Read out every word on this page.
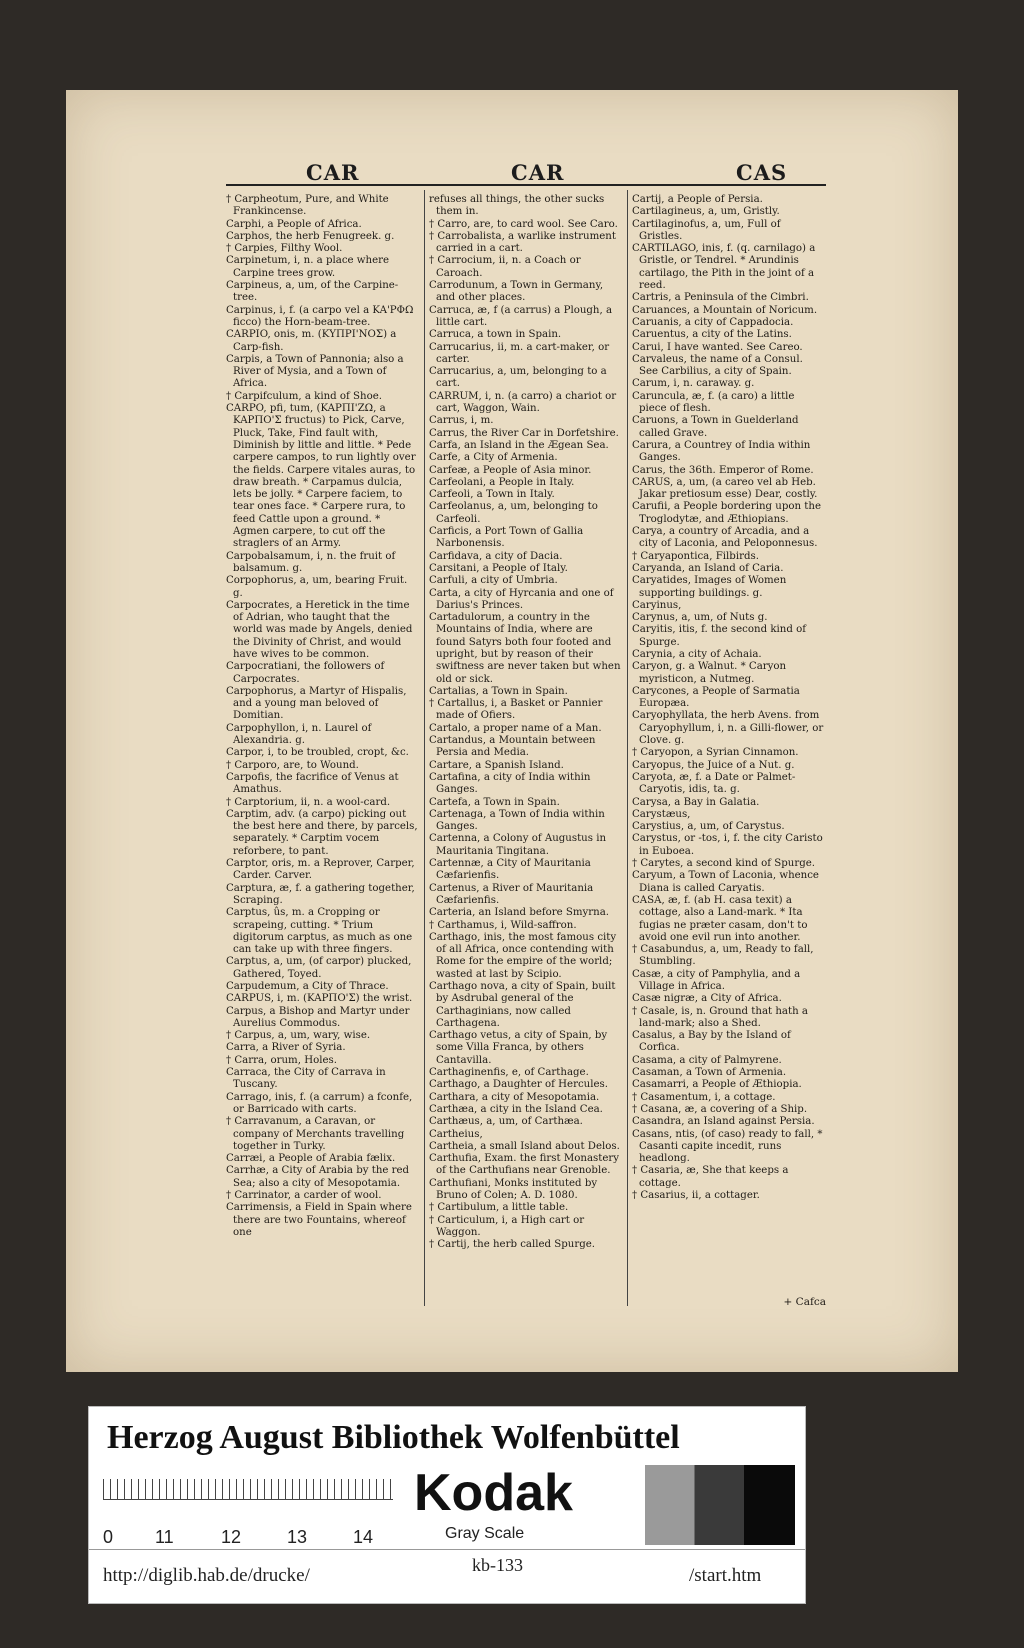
CAR	CAR	CAS

† Carpheotum, Pure, and White Frankincense.

Carphi, a People of Africa.

Carphos, the herb Fenugreek. g.

† Carpies, Filthy Wool.

Carpinetum, i, n. a place where Carpine trees grow.

Carpineus, a, um, of the Carpine-tree.

Carpinus, i, f. (a carpo vel a KA'PΦΩ ficco) the Horn-beam-tree.

CARPIO, onis, m. (KΥΠΡΙ'ΝΟΣ) a Carp-fish.

Carpis, a Town of Pannonia; also a River of Mysia, and a Town of Africa.

† Carpifculum, a kind of Shoe.

CARPO, pfi, tum, (KAPΠΙ'ΖΩ, a KAPΠΟ'Σ fructus) to Pick, Carve, Pluck, Take, Find fault with, Diminish by little and little. * Pede carpere campos, to run lightly over the fields. Carpere vitales auras, to draw breath. * Carpamus dulcia, lets be jolly. * Carpere faciem, to tear ones face. * Carpere rura, to feed Cattle upon a ground. * Agmen carpere, to cut off the straglers of an Army.

Carpobalsamum, i, n. the fruit of balsamum. g.

Corpophorus, a, um, bearing Fruit. g.

Carpocrates, a Heretick in the time of Adrian, who taught that the world was made by Angels, denied the Divinity of Christ, and would have wives to be common.

Carpocratiani, the followers of Carpocrates.

Carpophorus, a Martyr of Hispalis, and a young man beloved of Domitian.

Carpophyllon, i, n. Laurel of Alexandria. g.

Carpor, i, to be troubled, cropt, &c.

† Carporo, are, to Wound.

Carpofis, the facrifice of Venus at Amathus.

† Carptorium, ii, n. a wool-card.

Carptim, adv. (a carpo) picking out the best here and there, by parcels, separately. * Carptim vocem reforbere, to pant.

Carptor, oris, m. a Reprover, Carper, Carder. Carver.

Carptura, æ, f. a gathering together, Scraping.

Carptus, ûs, m. a Cropping or scrapeing, cutting. * Trium digitorum carptus, as much as one can take up with three fingers.

Carptus, a, um, (of carpor) plucked, Gathered, Toyed.

Carpudemum, a City of Thrace.

CARPUS, i, m. (KAPΠΟ'Σ) the wrist.

Carpus, a Bishop and Martyr under Aurelius Commodus.

† Carpus, a, um, wary, wise.

Carra, a River of Syria.

† Carra, orum, Holes.

Carraca, the City of Carrava in Tuscany.

Carrago, inis, f. (a carrum) a fconfe, or Barricado with carts.

† Carravanum, a Caravan, or company of Merchants travelling together in Turky.

Carræi, a People of Arabia fælix.

Carrhæ, a City of Arabia by the red Sea; also a city of Mesopotamia.

† Carrinator, a carder of wool.

Carrimensis, a Field in Spain where there are two Fountains, whereof one

refuses all things, the other sucks them in.

† Carro, are, to card wool. See Caro.

† Carrobalista, a warlike instrument carried in a cart.

† Carrocium, ii, n. a Coach or Caroach.

Carrodunum, a Town in Germany, and other places.

Carruca, æ, f (a carrus) a Plough, a little cart.

Carruca, a town in Spain.

Carrucarius, ii, m. a cart-maker, or carter.

Carrucarius, a, um, belonging to a cart.

CARRUM, i, n. (a carro) a chariot or cart, Waggon, Wain.

Carrus, i, m.

Carrus, the River Car in Dorfetshire.

Carfa, an Island in the Ægean Sea.

Carfe, a City of Armenia.

Carfeæ, a People of Asia minor.

Carfeolani, a People in Italy.

Carfeoli, a Town in Italy.

Carfeolanus, a, um, belonging to Carfeoli.

Carficis, a Port Town of Gallia Narbonensis.

Carfidava, a city of Dacia.

Carsitani, a People of Italy.

Carfuli, a city of Umbria.

Carta, a city of Hyrcania and one of Darius's Princes.

Cartadulorum, a country in the Mountains of India, where are found Satyrs both four footed and upright, but by reason of their swiftness are never taken but when old or sick.

Cartalias, a Town in Spain.

† Cartallus, i, a Basket or Pannier made of Ofiers.

Cartalo, a proper name of a Man.

Cartandus, a Mountain between Persia and Media.

Cartare, a Spanish Island.

Cartafina, a city of India within Ganges.

Cartefa, a Town in Spain.

Cartenaga, a Town of India within Ganges.

Cartenna, a Colony of Augustus in Mauritania Tingitana.

Cartennæ, a City of Mauritania Cæfarienfis.

Cartenus, a River of Mauritania Cæfarienfis.

Carteria, an Island before Smyrna.

† Carthamus, i, Wild-saffron.

Carthago, inis, the most famous city of all Africa, once contending with Rome for the empire of the world; wasted at last by Scipio.

Carthago nova, a city of Spain, built by Asdrubal general of the Carthaginians, now called Carthagena.

Carthago vetus, a city of Spain, by some Villa Franca, by others Cantavilla.

Carthaginenfis, e, of Carthage.

Carthago, a Daughter of Hercules.

Carthara, a city of Mesopotamia.

Carthæa, a city in the Island Cea.

Carthæus, a, um, of Carthæa.

Cartheius,

Cartheia, a small Island about Delos.

Carthufia, Exam. the first Monastery of the Carthufians near Grenoble.

Carthufiani, Monks instituted by Bruno of Colen; A. D. 1080.

† Cartibulum, a little table.

† Carticulum, i, a High cart or Waggon.

† Cartij, the herb called Spurge.

Cartij, a People of Persia.

Cartilagineus, a, um, Gristly.

Cartilaginofus, a, um, Full of Gristles.

CARTILAGO, inis, f. (q. carnilago) a Gristle, or Tendrel. * Arundinis cartilago, the Pith in the joint of a reed.

Cartris, a Peninsula of the Cimbri.

Caruances, a Mountain of Noricum.

Caruanis, a city of Cappadocia.

Caruentus, a city of the Latins.

Carui, I have wanted. See Careo.

Carvaleus, the name of a Consul. See Carbilius, a city of Spain.

Carum, i, n. caraway. g.

Caruncula, æ, f. (a caro) a little piece of flesh.

Caruons, a Town in Guelderland called Grave.

Carura, a Countrey of India within Ganges.

Carus, the 36th. Emperor of Rome.

CARUS, a, um, (a careo vel ab Heb. Jakar pretiosum esse) Dear, costly.

Carufii, a People bordering upon the Troglodytæ, and Æthiopians.

Carya, a country of Arcadia, and a city of Laconia, and Peloponnesus.

† Caryapontica, Filbirds.

Caryanda, an Island of Caria.

Caryatides, Images of Women supporting buildings. g.

Caryinus,

Carynus, a, um, of Nuts g.

Caryitis, itis, f. the second kind of Spurge.

Carynia, a city of Achaia.

Caryon, g. a Walnut. * Caryon myristicon, a Nutmeg.

Carycones, a People of Sarmatia Europæa.

Caryophyllata, the herb Avens. from Caryophyllum, i, n. a Gilli-flower, or Clove. g.

† Caryopon, a Syrian Cinnamon.

Caryopus, the Juice of a Nut. g.

Caryota, æ, f. a Date or Palmet-Caryotis, idis, ta. g.

Carysa, a Bay in Galatia.

Carystæus,

Carystius, a, um, of Carystus.

Carystus, or -tos, i, f. the city Caristo in Euboea.

† Carytes, a second kind of Spurge.

Caryum, a Town of Laconia, whence Diana is called Caryatis.

CASA, æ, f. (ab H. casa texit) a cottage, also a Land-mark. * Ita fugias ne præter casam, don't to avoid one evil run into another.

† Casabundus, a, um, Ready to fall, Stumbling.

Casæ, a city of Pamphylia, and a Village in Africa.

Casæ nigræ, a City of Africa.

† Casale, is, n. Ground that hath a land-mark; also a Shed.

Casalus, a Bay by the Island of Corfica.

Casama, a city of Palmyrene.

Casaman, a Town of Armenia.

Casamarri, a People of Æthiopia.

† Casamentum, i, a cottage.

† Casana, æ, a covering of a Ship.

Casandra, an Island against Persia.

Casans, ntis, (of caso) ready to fall, * Casanti capite incedit, runs headlong.

† Casaria, æ, She that keeps a cottage.

† Casarius, ii, a cottager.

+ Cafca
Herzog August Bibliothek Wolfenbüttel
0 11	12	13	14
Kodak
Gray Scale
kb-133
http://diglib.hab.de/drucke/	/start.htm
